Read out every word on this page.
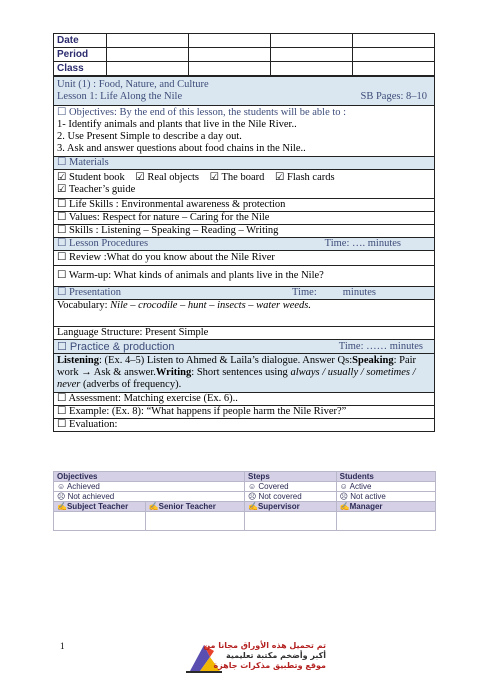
Date				
Period				
Class				
Unit (1) : Food, Nature, and Culture
Lesson 1: Life Along the Nile	SB Pages: 8–10

☐ Objectives: By the end of this lesson, the students will be able to :
1- Identify animals and plants that live in the Nile River..
2. Use Present Simple to describe a day out.
3. Ask and answer questions about food chains in the Nile..

☐ Materials

☑ Student book ☑ Real objects ☑ The board ☑ Flash cards
☑ Teacher’s guide

☐ Life Skills : Environmental awareness & protection
☐ Values: Respect for nature – Caring for the Nile
☐ Skills : Listening – Speaking – Reading – Writing

☐ Lesson Procedures	Time: …. minutes

☐ Review :What do you know about the Nile River
☐ Warm-up: What kinds of animals and plants live in the Nile?

☐ Presentation	Time: minutes

Vocabulary: Nile – crocodile – hunt – insects – water weeds.
Language Structure: Present Simple

☐ Practice & production	Time: …… minutes

Listening: (Ex. 4–5) Listen to Ahmed & Laila’s dialogue. Answer Qs:Speaking: Pair work → Ask & answer.Writing: Short sentences using always / usually / sometimes / never (adverbs of frequency).
☐ Assessment: Matching exercise (Ex. 6)..
☐ Example: (Ex. 8): “What happens if people harm the Nile River?”
☐ Evaluation:
Objectives		Steps	Students
☺ Achieved		☺ Covered	☺ Active
☹ Not achieved		☹ Not covered	☹ Not active
✍Subject Teacher	✍Senior Teacher	✍Supervisor	✍Manager

1	تم تحميل هذه الأوراق مجانا من
أكبر وأضخم مكتبة تعليمية
موقع وتطبيق مذكرات جاهزة
